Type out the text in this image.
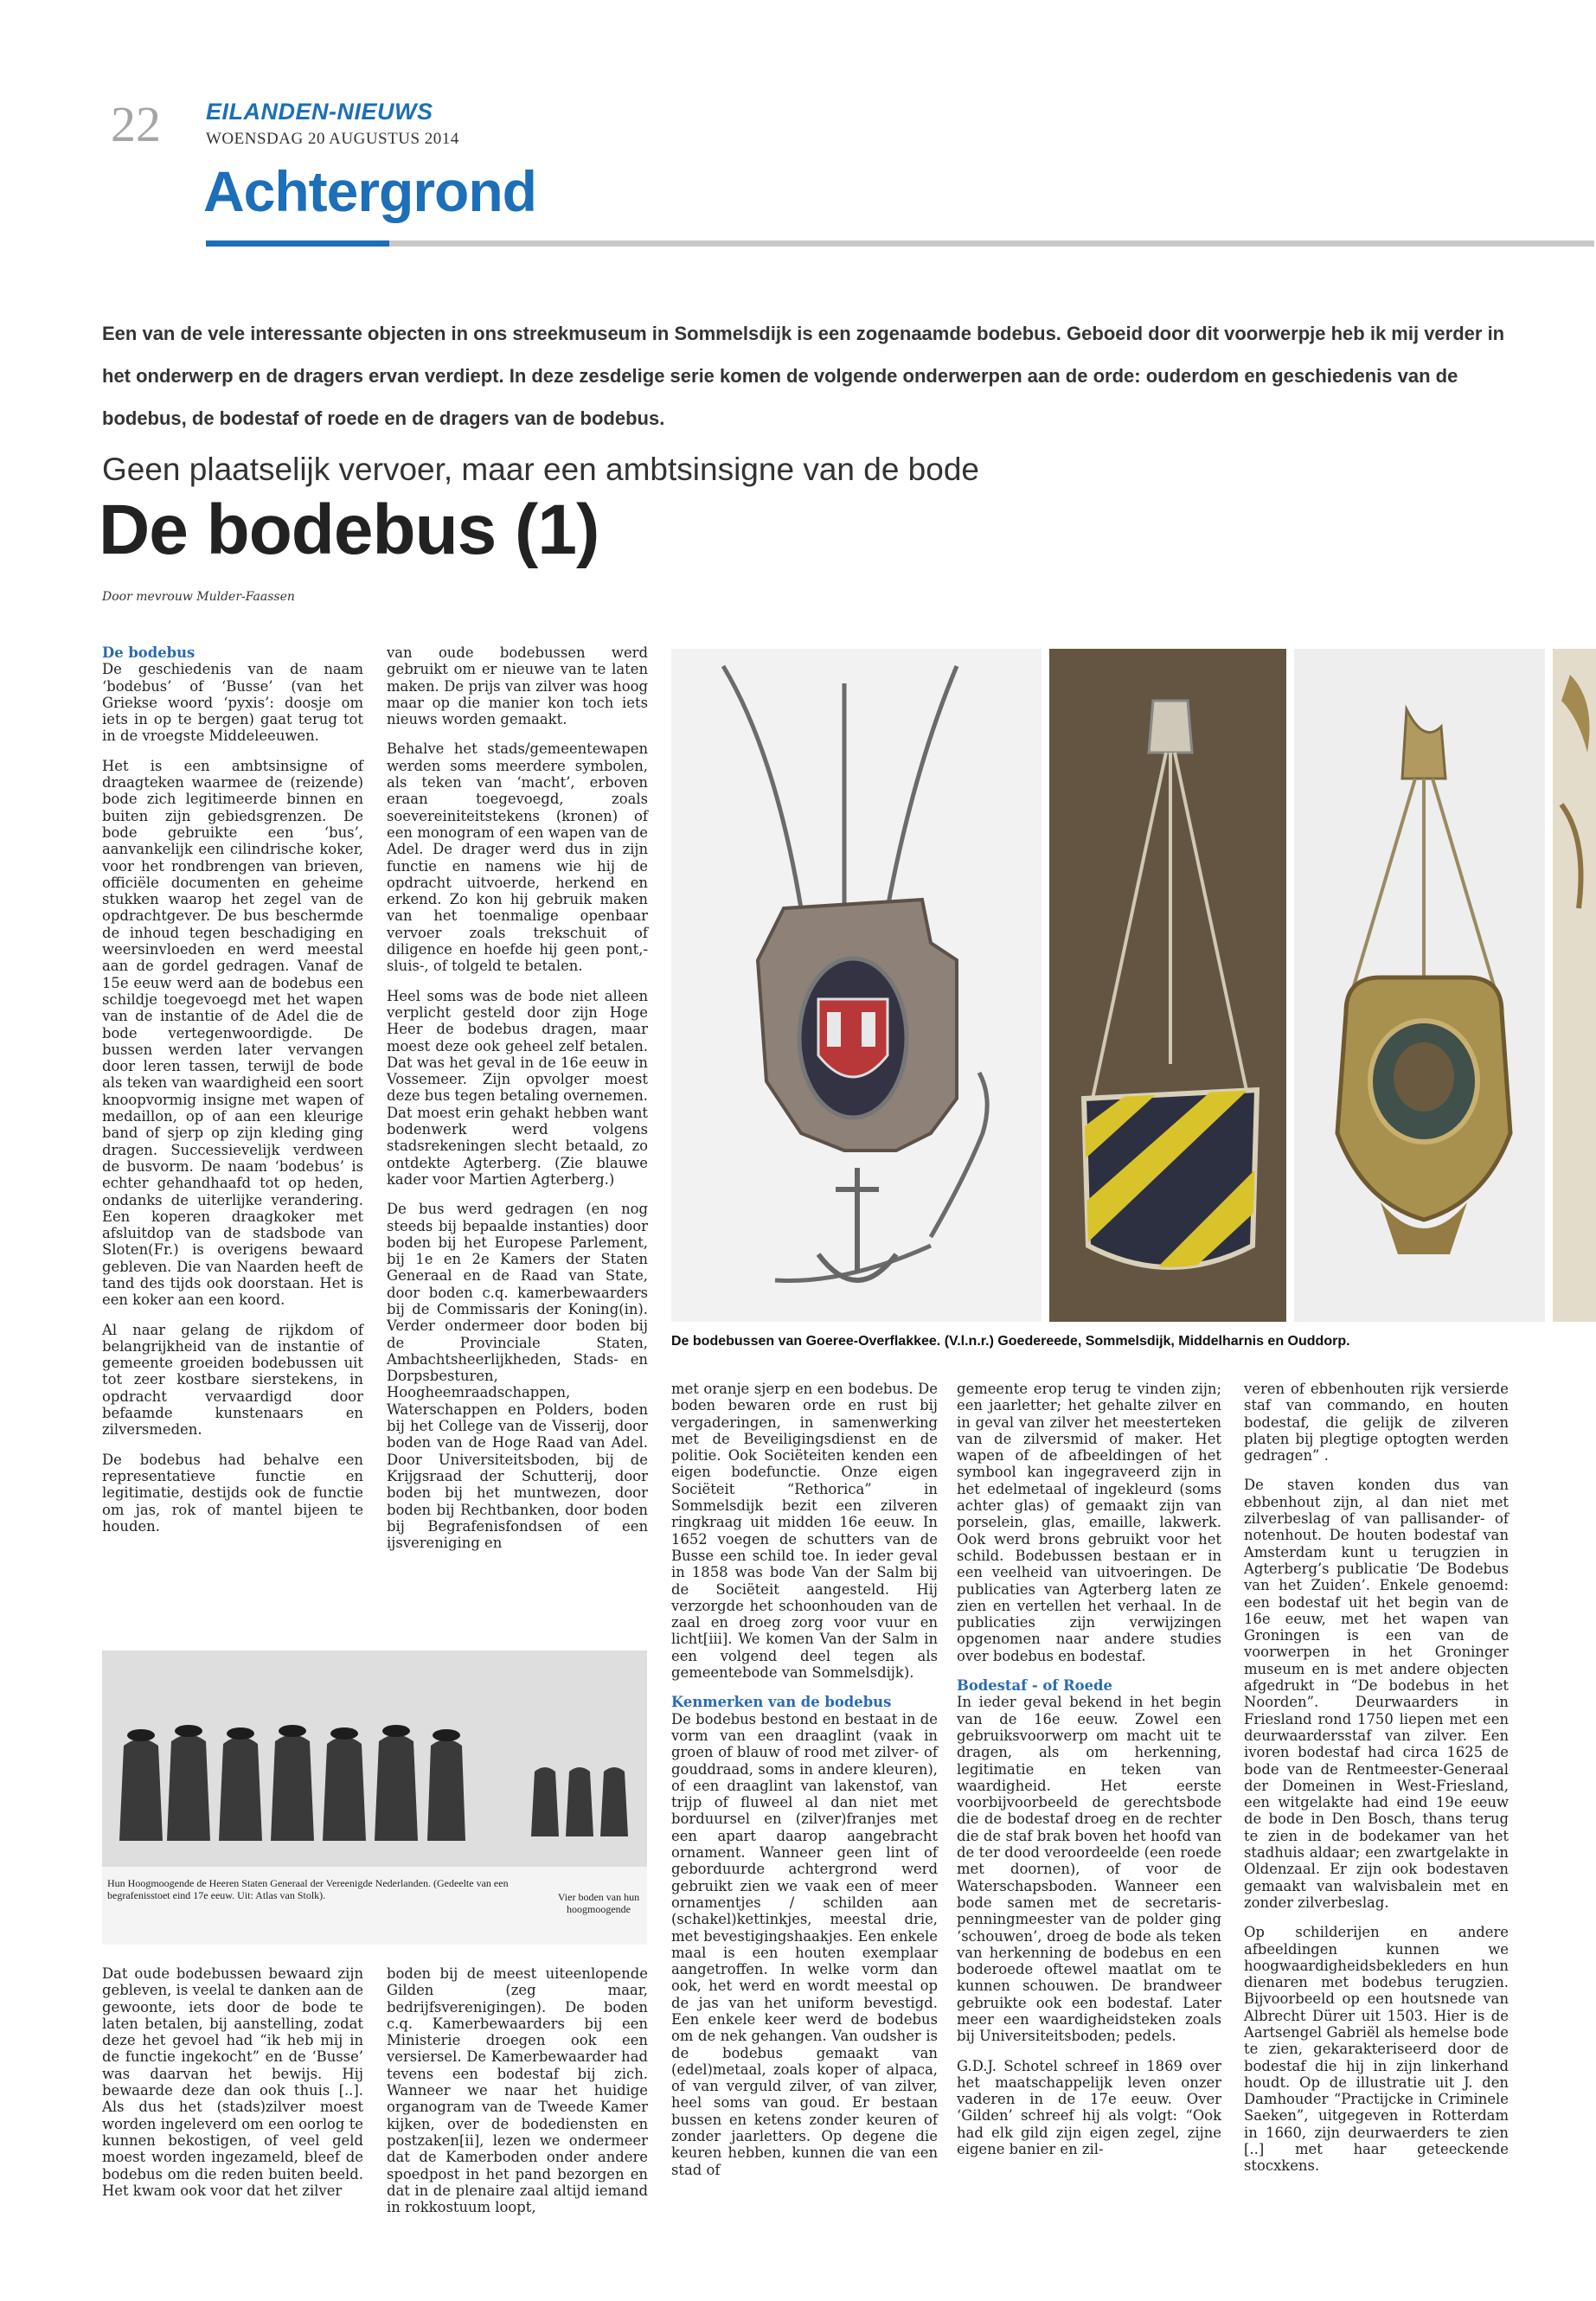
22 EILANDEN-NIEUWS
WOENSDAG 20 AUGUSTUS 2014
Achtergrond
Een van de vele interessante objecten in ons streekmuseum in Sommelsdijk is een zogenaamde bodebus. Geboeid door dit voorwerpje heb ik mij verder in het onderwerp en de dragers ervan verdiept. In deze zesdelige serie komen de volgende onderwerpen aan de orde: ouderdom en geschiedenis van de bodebus, de bodestaf of roede en de dragers van de bodebus.
Geen plaatselijk vervoer, maar een ambtsinsigne van de bode
De bodebus (1)
Door mevrouw Mulder-Faassen
De bodebus

De geschiedenis van de naam ‘bodebus’ of ‘Busse’ (van het Griekse woord ‘pyxis’: doosje om iets in op te bergen) gaat terug tot in de vroegste Middeleeuwen.

Het is een ambtsinsigne of draagteken waarmee de (reizende) bode zich legitimeerde binnen en buiten zijn gebiedsgrenzen. De bode gebruikte een ‘bus’, aanvankelijk een cilindrische koker, voor het rondbrengen van brieven, officiële documenten en geheime stukken waarop het zegel van de opdrachtgever. De bus beschermde de inhoud tegen beschadiging en weersinvloeden en werd meestal aan de gordel gedragen. Vanaf de 15e eeuw werd aan de bodebus een schildje toegevoegd met het wapen van de instantie of de Adel die de bode vertegenwoordigde. De bussen werden later vervangen door leren tassen, terwijl de bode als teken van waardigheid een soort knoopvormig insigne met wapen of medaillon, op of aan een kleurige band of sjerp op zijn kleding ging dragen. Successievelijk verdween de busvorm. De naam ‘bodebus’ is echter gehandhaafd tot op heden, ondanks de uiterlijke verandering. Een koperen draagkoker met afsluitdop van de stadsbode van Sloten(Fr.) is overigens bewaard gebleven. Die van Naarden heeft de tand des tijds ook doorstaan. Het is een koker aan een koord.

Al naar gelang de rijkdom of belangrijkheid van de instantie of gemeente groeiden bodebussen uit tot zeer kostbare sierstekens, in opdracht vervaardigd door befaamde kunstenaars en zilversmeden.

De bodebus had behalve een representatieve functie en legitimatie, destijds ook de functie om jas, rok of mantel bijeen te houden.

van oude bodebussen werd gebruikt om er nieuwe van te laten maken. De prijs van zilver was hoog maar op die manier kon toch iets nieuws worden gemaakt.

Behalve het stads/gemeentewapen werden soms meerdere symbolen, als teken van ‘macht’, erboven eraan toegevoegd, zoals soevereiniteitstekens (kronen) of een monogram of een wapen van de Adel. De drager werd dus in zijn functie en namens wie hij de opdracht uitvoerde, herkend en erkend. Zo kon hij gebruik maken van het toenmalige openbaar vervoer zoals trekschuit of diligence en hoefde hij geen pont,- sluis-, of tolgeld te betalen.

Heel soms was de bode niet alleen verplicht gesteld door zijn Hoge Heer de bodebus dragen, maar moest deze ook geheel zelf betalen. Dat was het geval in de 16e eeuw in Vossemeer. Zijn opvolger moest deze bus tegen betaling overnemen. Dat moest erin gehakt hebben want bodenwerk werd volgens stadsrekeningen slecht betaald, zo ontdekte Agterberg. (Zie blauwe kader voor Martien Agterberg.)

De bus werd gedragen (en nog steeds bij bepaalde instanties) door boden bij het Europese Parlement, bij 1e en 2e Kamers der Staten Generaal en de Raad van State, door boden c.q. kamerbewaarders bij de Commissaris der Koning(in). Verder ondermeer door boden bij de Provinciale Staten, Ambachtsheerlijkheden, Stads- en Dorpsbesturen, Hoogheemraadschappen, Waterschappen en Polders, boden bij het College van de Visserij, door boden van de Hoge Raad van Adel. Door Universiteitsboden, bij de Krijgsraad der Schutterij, door boden bij het muntwezen, door boden bij Rechtbanken, door boden bij Begrafenisfondsen of een ijsvereniging en

De bodebussen van Goeree-Overflakkee. (V.l.n.r.) Goedereede, Sommelsdijk, Middelharnis en Ouddorp.
Hun Hoogmoogende de Heeren Staten Generaal der Vereenigde Nederlanden. (Gedeelte van een begrafenisstoet eind 17e eeuw. Uit: Atlas van Stolk).	Vier boden van hun hoogmoogende

Dat oude bodebussen bewaard zijn gebleven, is veelal te danken aan de gewoonte, iets door de bode te laten betalen, bij aanstelling, zodat deze het gevoel had “ik heb mij in de functie ingekocht” en de ‘Busse’ was daarvan het bewijs. Hij bewaarde deze dan ook thuis [..]. Als dus het (stads)zilver moest worden ingeleverd om een oorlog te kunnen bekostigen, of veel geld moest worden ingezameld, bleef de bodebus om die reden buiten beeld. Het kwam ook voor dat het zilver

boden bij de meest uiteenlopende Gilden (zeg maar, bedrijfsverenigingen). De boden c.q. Kamerbewaarders bij een Ministerie droegen ook een versiersel. De Kamerbewaarder had tevens een bodestaf bij zich. Wanneer we naar het huidige organogram van de Tweede Kamer kijken, over de bodediensten en postzaken[ii], lezen we ondermeer dat de Kamerboden onder andere spoedpost in het pand bezorgen en dat in de plenaire zaal altijd iemand in rokkostuum loopt,

met oranje sjerp en een bodebus. De boden bewaren orde en rust bij vergaderingen, in samenwerking met de Beveiligingsdienst en de politie. Ook Sociëteiten kenden een eigen bodefunctie. Onze eigen Sociëteit “Rethorica” in Sommelsdijk bezit een zilveren ringkraag uit midden 16e eeuw. In 1652 voegen de schutters van de Busse een schild toe. In ieder geval in 1858 was bode Van der Salm bij de Sociëteit aangesteld. Hij verzorgde het schoonhouden van de zaal en droeg zorg voor vuur en licht[iii]. We komen Van der Salm in een volgend deel tegen als gemeentebode van Sommelsdijk).

Kenmerken van de bodebus

De bodebus bestond en bestaat in de vorm van een draaglint (vaak in groen of blauw of rood met zilver- of gouddraad, soms in andere kleuren), of een draaglint van lakenstof, van trijp of fluweel al dan niet met borduursel en (zilver)franjes met een apart daarop aangebracht ornament. Wanneer geen lint of geborduurde achtergrond werd gebruikt zien we vaak een of meer ornamentjes / schilden aan (schakel)kettinkjes, meestal drie, met bevestigingshaakjes. Een enkele maal is een houten exemplaar aangetroffen. In welke vorm dan ook, het werd en wordt meestal op de jas van het uniform bevestigd. Een enkele keer werd de bodebus om de nek gehangen. Van oudsher is de bodebus gemaakt van (edel)metaal, zoals koper of alpaca, of van verguld zilver, of van zilver, heel soms van goud. Er bestaan bussen en ketens zonder keuren of zonder jaarletters. Op degene die keuren hebben, kunnen die van een stad of

gemeente erop terug te vinden zijn; een jaarletter; het gehalte zilver en in geval van zilver het meesterteken van de zilversmid of maker. Het wapen of de afbeeldingen of het symbool kan ingegraveerd zijn in het edelmetaal of ingekleurd (soms achter glas) of gemaakt zijn van porselein, glas, emaille, lakwerk. Ook werd brons gebruikt voor het schild. Bodebussen bestaan er in een veelheid van uitvoeringen. De publicaties van Agterberg laten ze zien en vertellen het verhaal. In de publicaties zijn verwijzingen opgenomen naar andere studies over bodebus en bodestaf.

Bodestaf - of Roede

In ieder geval bekend in het begin van de 16e eeuw. Zowel een gebruiksvoorwerp om macht uit te dragen, als om herkenning, legitimatie en teken van waardigheid. Het eerste voorbijvoorbeeld de gerechtsbode die de bodestaf droeg en de rechter die de staf brak boven het hoofd van de ter dood veroordeelde (een roede met doornen), of voor de Waterschapsboden. Wanneer een bode samen met de secretaris-penningmeester van de polder ging ‘schouwen’, droeg de bode als teken van herkenning de bodebus en een boderoede oftewel maatlat om te kunnen schouwen. De brandweer gebruikte ook een bodestaf. Later meer een waardigheidsteken zoals bij Universiteitsboden; pedels.

G.D.J. Schotel schreef in 1869 over het maatschappelijk leven onzer vaderen in de 17e eeuw. Over ‘Gilden’ schreef hij als volgt: “Ook had elk gild zijn eigen zegel, zijne eigene banier en zil-

veren of ebbenhouten rijk versierde staf van commando, en houten bodestaf, die gelijk de zilveren platen bij plegtige optogten werden gedragen” .

De staven konden dus van ebbenhout zijn, al dan niet met zilverbeslag of van pallisander- of notenhout. De houten bodestaf van Amsterdam kunt u terugzien in Agterberg’s publicatie ‘De Bodebus van het Zuiden’. Enkele genoemd: een bodestaf uit het begin van de 16e eeuw, met het wapen van Groningen is een van de voorwerpen in het Groninger museum en is met andere objecten afgedrukt in “De bodebus in het Noorden”. Deurwaarders in Friesland rond 1750 liepen met een deurwaardersstaf van zilver. Een ivoren bodestaf had circa 1625 de bode van de Rentmeester-Generaal der Domeinen in West-Friesland, een witgelakte had eind 19e eeuw de bode in Den Bosch, thans terug te zien in de bodekamer van het stadhuis aldaar; een zwartgelakte in Oldenzaal. Er zijn ook bodestaven gemaakt van walvisbalein met en zonder zilverbeslag.

Op schilderijen en andere afbeeldingen kunnen we hoogwaardigheidsbekleders en hun dienaren met bodebus terugzien. Bijvoorbeeld op een houtsnede van Albrecht Dürer uit 1503. Hier is de Aartsengel Gabriël als hemelse bode te zien, gekarakteriseerd door de bodestaf die hij in zijn linkerhand houdt. Op de illustratie uit J. den Damhouder “Practijcke in Criminele Saeken”, uitgegeven in Rotterdam in 1660, zijn deurwaerders te zien [..] met haar geteeckende stocxkens.
